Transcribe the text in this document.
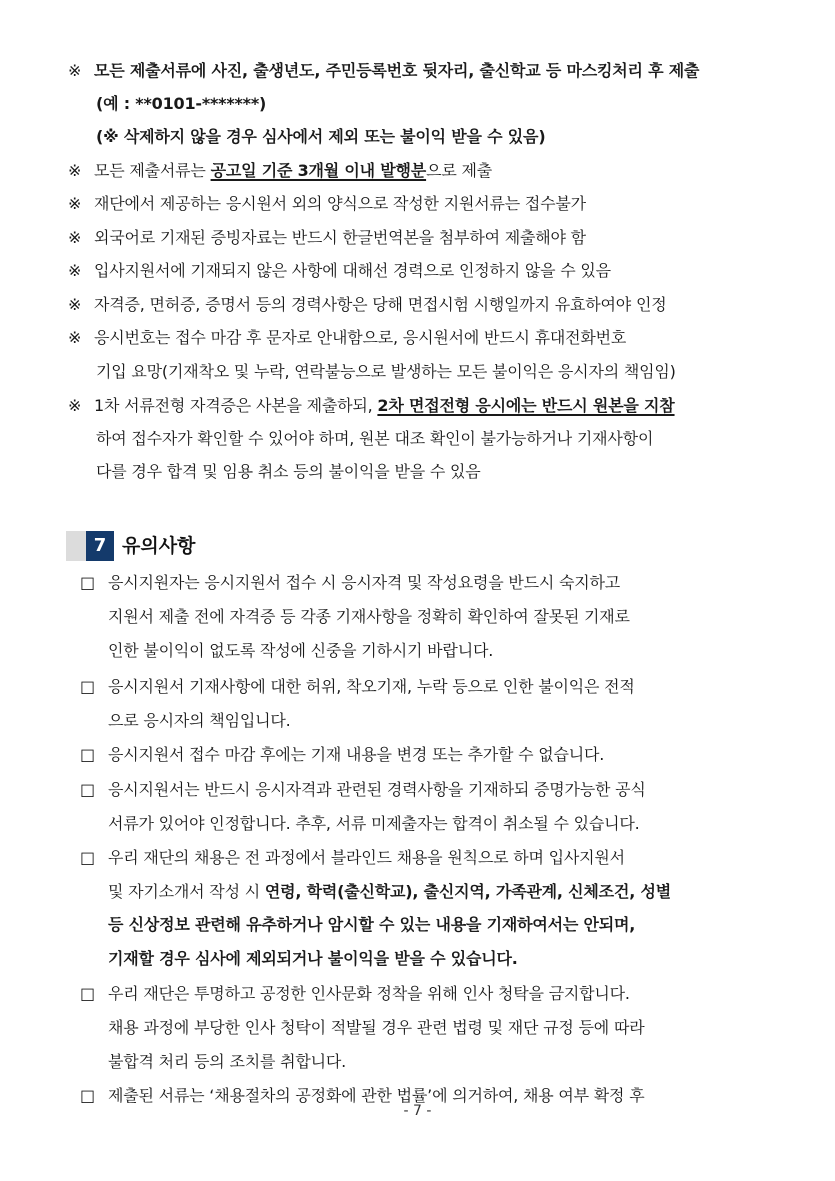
※ 모든 제출서류에 사진, 출생년도, 주민등록번호 뒷자리, 출신학교 등 마스킹처리 후 제출
(예 : **0101-*******)
(※ 삭제하지 않을 경우 심사에서 제외 또는 불이익 받을 수 있음)
※ 모든 제출서류는 공고일 기준 3개월 이내 발행분으로 제출
※ 재단에서 제공하는 응시원서 외의 양식으로 작성한 지원서류는 접수불가
※ 외국어로 기재된 증빙자료는 반드시 한글번역본을 첨부하여 제출해야 함
※ 입사지원서에 기재되지 않은 사항에 대해선 경력으로 인정하지 않을 수 있음
※ 자격증, 면허증, 증명서 등의 경력사항은 당해 면접시험 시행일까지 유효하여야 인정
※ 응시번호는 접수 마감 후 문자로 안내함으로, 응시원서에 반드시 휴대전화번호
기입 요망(기재착오 및 누락, 연락불능으로 발생하는 모든 불이익은 응시자의 책임임)
※ 1차 서류전형 자격증은 사본을 제출하되, 2차 면접전형 응시에는 반드시 원본을 지참
하여 접수자가 확인할 수 있어야 하며, 원본 대조 확인이 불가능하거나 기재사항이
다를 경우 합격 및 임용 취소 등의 불이익을 받을 수 있음
7 유의사항
□ 응시지원자는 응시지원서 접수 시 응시자격 및 작성요령을 반드시 숙지하고
지원서 제출 전에 자격증 등 각종 기재사항을 정확히 확인하여 잘못된 기재로
인한 불이익이 없도록 작성에 신중을 기하시기 바랍니다.
□ 응시지원서 기재사항에 대한 허위, 착오기재, 누락 등으로 인한 불이익은 전적
으로 응시자의 책임입니다.
□ 응시지원서 접수 마감 후에는 기재 내용을 변경 또는 추가할 수 없습니다.
□ 응시지원서는 반드시 응시자격과 관련된 경력사항을 기재하되 증명가능한 공식
서류가 있어야 인정합니다. 추후, 서류 미제출자는 합격이 취소될 수 있습니다.
□ 우리 재단의 채용은 전 과정에서 블라인드 채용을 원칙으로 하며 입사지원서
및 자기소개서 작성 시 연령, 학력(출신학교), 출신지역, 가족관계, 신체조건, 성별
등 신상정보 관련해 유추하거나 암시할 수 있는 내용을 기재하여서는 안되며,
기재할 경우 심사에 제외되거나 불이익을 받을 수 있습니다.
□ 우리 재단은 투명하고 공정한 인사문화 정착을 위해 인사 청탁을 금지합니다.
채용 과정에 부당한 인사 청탁이 적발될 경우 관련 법령 및 재단 규정 등에 따라
불합격 처리 등의 조치를 취합니다.
□ 제출된 서류는 ‘채용절차의 공정화에 관한 법률’에 의거하여, 채용 여부 확정 후
- 7 -
